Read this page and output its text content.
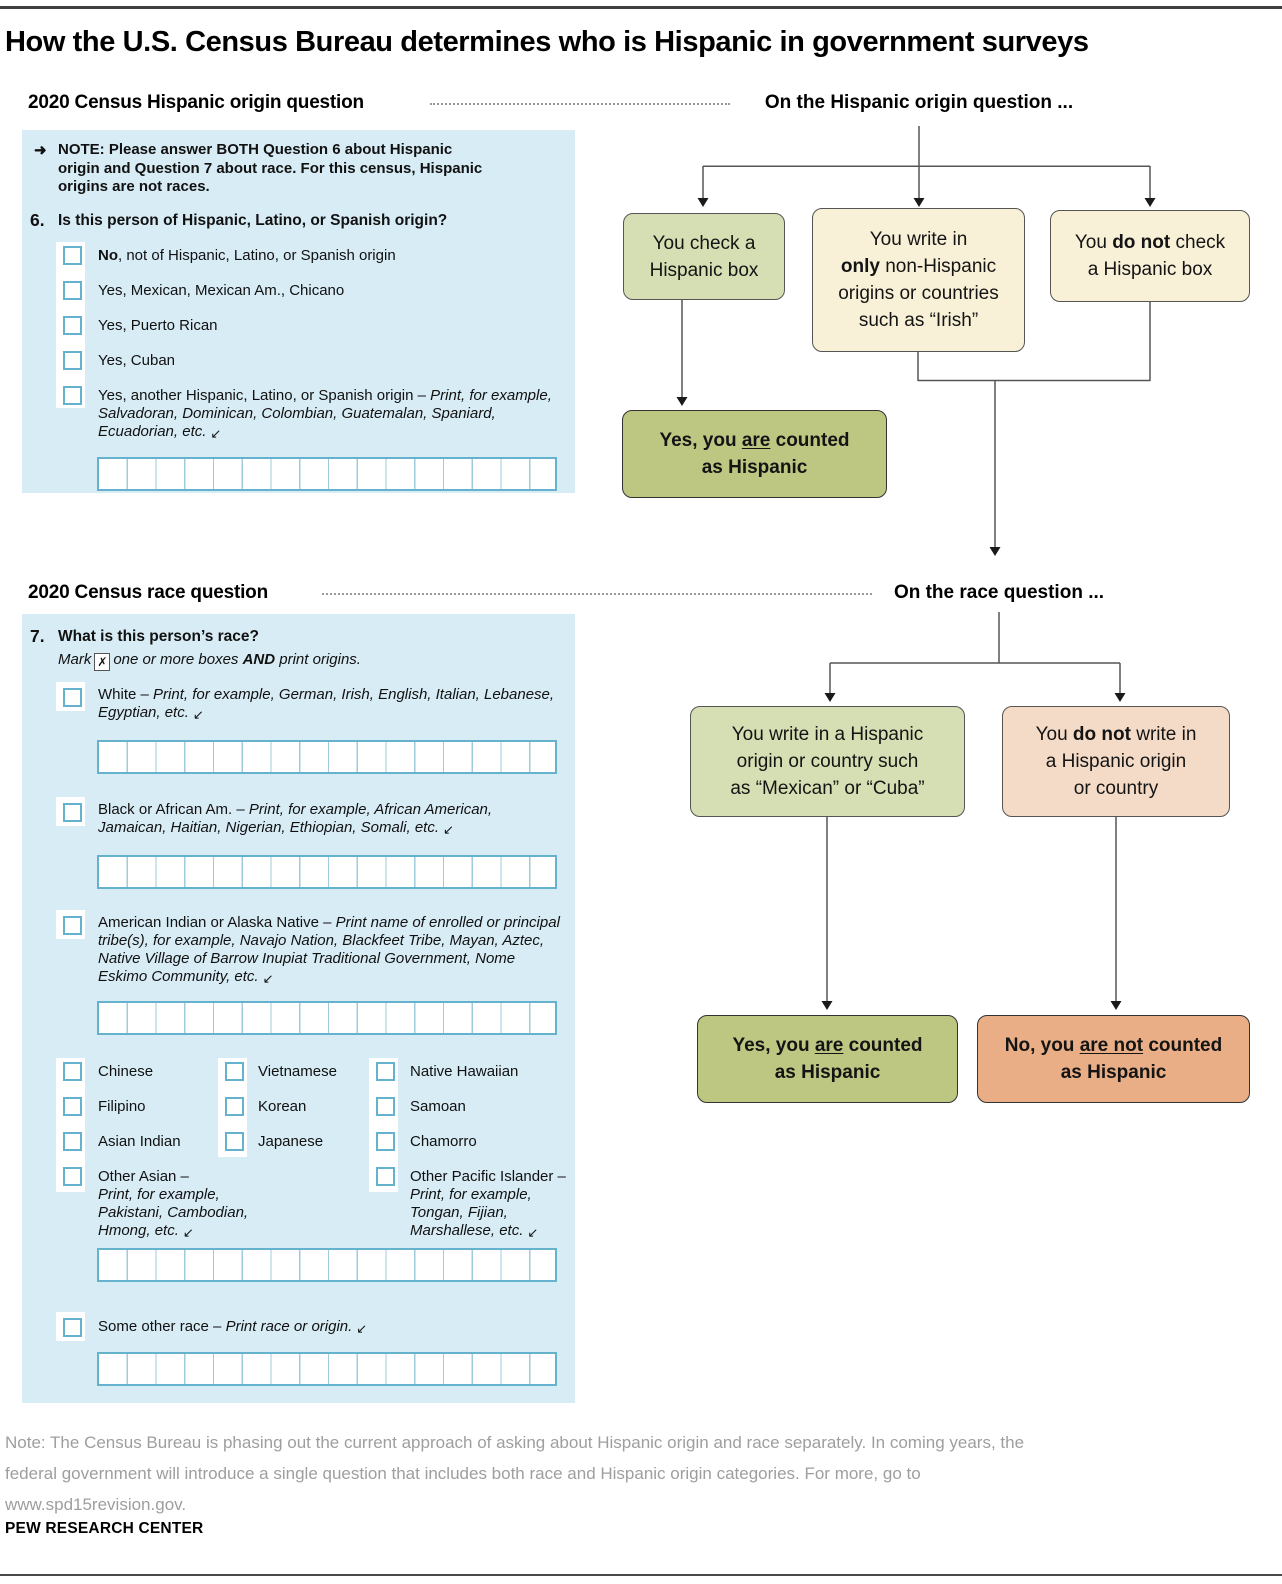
How the U.S. Census Bureau determines who is Hispanic in government surveys
2020 Census Hispanic origin question	On the Hispanic origin question ...
2020 Census race question	On the race question ...
➜ NOTE: Please answer BOTH Question 6 about Hispanic
origin and Question 7 about race. For this census, Hispanic
origins are not races.
6. Is this person of Hispanic, Latino, or Spanish origin?
No, not of Hispanic, Latino, or Spanish origin
Yes, Mexican, Mexican Am., Chicano
Yes, Puerto Rican
Yes, Cuban
Yes, another Hispanic, Latino, or Spanish origin – Print, for example, Salvadoran, Dominican, Colombian, Guatemalan, Spaniard, Ecuadorian, etc. ↙
7. What is this person’s race?
Mark ✗ one or more boxes AND print origins.
White – Print, for example, German, Irish, English, Italian, Lebanese, Egyptian, etc. ↙
Black or African Am. – Print, for example, African American, Jamaican, Haitian, Nigerian, Ethiopian, Somali, etc. ↙
American Indian or Alaska Native – Print name of enrolled or principal tribe(s), for example, Navajo Nation, Blackfeet Tribe, Mayan, Aztec, Native Village of Barrow Inupiat Traditional Government, Nome Eskimo Community, etc. ↙
Chinese	Vietnamese	Native Hawaiian
Filipino	Korean	Samoan
Asian Indian	Japanese	Chamorro
Other Asian –
Print, for example, Pakistani, Cambodian, Hmong, etc. ↙
Other Pacific Islander –
Print, for example, Tongan, Fijian, Marshallese, etc. ↙
Some other race – Print race or origin. ↙
You check a
Hispanic box
You write in
only non-Hispanic
origins or countries
such as “Irish”
You do not check
a Hispanic box
Yes, you are counted
as Hispanic
You write in a Hispanic
origin or country such
as “Mexican” or “Cuba”
You do not write in
a Hispanic origin
or country
Yes, you are counted
as Hispanic
No, you are not counted
as Hispanic
Note: The Census Bureau is phasing out the current approach of asking about Hispanic origin and race separately. In coming years, the
federal government will introduce a single question that includes both race and Hispanic origin categories. For more, go to
www.spd15revision.gov.
PEW RESEARCH CENTER
